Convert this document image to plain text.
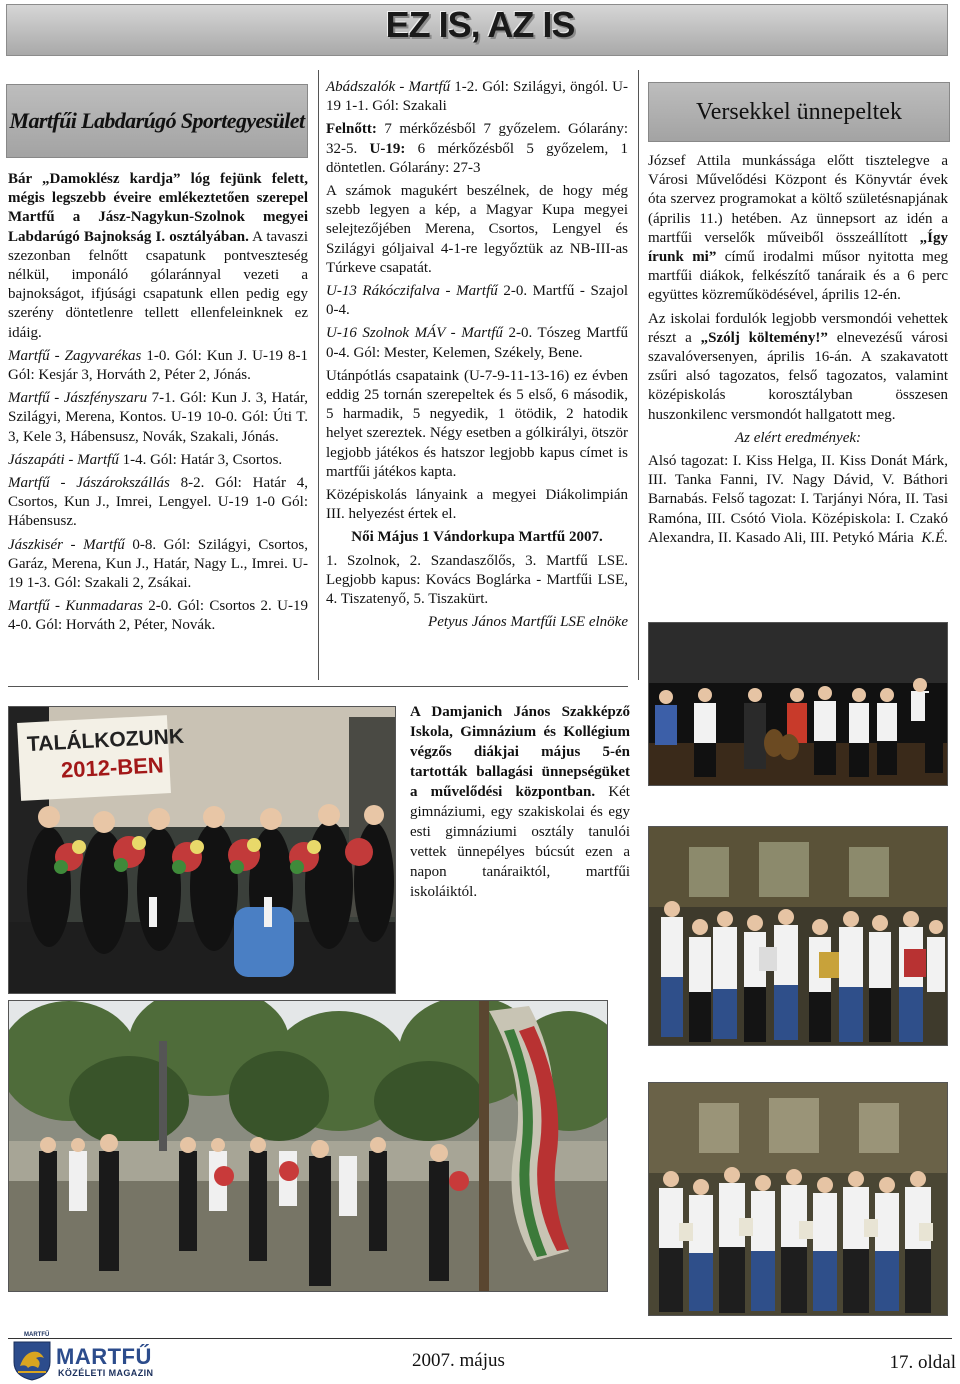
EZ IS, AZ IS
Martfűi Labdarúgó Sportegyesület

Bár „Damoklész kardja” lóg fejünk felett, mégis legszebb éveire emlékeztetően szerepel Martfű a Jász-Nagykun-Szolnok megyei Labdarúgó Bajnokság I. osztályában. A tavaszi szezonban felnőtt csapatunk pontveszteség nélkül, imponáló gólaránnyal vezeti a bajnokságot, ifjúsági csapatunk ellen pedig egy szerény döntetlenre tellett ellenfeleinknek ez idáig.

Martfű - Zagyvarékas 1-0. Gól: Kun J. U-19 8-1 Gól: Kesjár 3, Horváth 2, Péter 2, Jónás.

Martfű - Jászfényszaru 7-1. Gól: Kun J. 3, Határ, Szilágyi, Merena, Kontos. U-19 10-0. Gól: Úti T. 3, Kele 3, Hábensusz, Novák, Szakali, Jónás.

Jászapáti - Martfű 1-4. Gól: Határ 3, Csortos.

Martfű - Jászárokszállás 8-2. Gól: Határ 4, Csortos, Kun J., Imrei, Lengyel. U-19 1-0 Gól: Hábensusz.

Jászkisér - Martfű 0-8. Gól: Szilágyi, Csortos, Garáz, Merena, Kun J., Határ, Nagy L., Imrei. U-19 1-3. Gól: Szakali 2, Zsákai.

Martfű - Kunmadaras 2-0. Gól: Csortos 2. U-19 4-0. Gól: Horváth 2, Péter, Novák.

Abádszalók - Martfű 1-2. Gól: Szilágyi, öngól. U-19 1-1. Gól: Szakali

Felnőtt: 7 mérkőzésből 7 győzelem. Gólarány: 32-5. U-19: 6 mérkőzésből 5 győzelem, 1 döntetlen. Gólarány: 27-3

A számok magukért beszélnek, de hogy még szebb legyen a kép, a Magyar Kupa megyei selejtezőjében Merena, Csortos, Lengyel és Szilágyi góljaival 4-1-re legyőztük az NB-III-as Túrkeve csapatát.

U-13 Rákóczifalva - Martfű 2-0. Martfű - Szajol 0-4.

U-16 Szolnok MÁV - Martfű 2-0. Tószeg Martfű 0-4. Gól: Mester, Kelemen, Székely, Bene.

Utánpótlás csapataink (U-7-9-11-13-16) ez évben eddig 25 tornán szerepeltek és 5 első, 6 második, 5 harmadik, 5 negyedik, 1 ötödik, 2 hatodik helyet szereztek. Négy esetben a gólkirályi, ötször legjobb játékos és hatszor legjobb kapus címet is martfűi játékos kapta.

Középiskolás lányaink a megyei Diákolimpián III. helyezést értek el.

Női Május 1 Vándorkupa Martfű 2007.

1. Szolnok, 2. Szandaszőlős, 3. Martfű LSE. Legjobb kapus: Kovács Boglárka - Martfűi LSE, 4. Tiszatenyő, 5. Tiszakürt.

Petyus János Martfűi LSE elnöke

Versekkel ünnepeltek

József Attila munkássága előtt tisztelegve a Városi Művelődési Központ és Könyvtár évek óta szervez programokat a költő születésnapjának (április 11.) hetében. Az ünnepsort az idén a martfűi verselők műveiből összeállított „Így írunk mi” című irodalmi műsor nyitotta meg martfűi diákok, felkészítő tanáraik és a 6 perc együttes közreműködésével, április 12-én.

Az iskolai fordulók legjobb versmondói vehettek részt a „Szólj költemény!” elnevezésű városi szavalóversenyen, április 16-án. A szakavatott zsűri alsó tagozatos, felső tagozatos, valamint középiskolás korosztályban összesen huszonkilenc versmondót hallgatott meg.

Az elért eredmények:

Alsó tagozat: I. Kiss Helga, II. Kiss Donát Márk, III. Tanka Fanni, IV. Nagy Dávid, V. Báthori Barnabás. Felső tagozat: I. Tarjányi Nóra, II. Tasi Ramóna, III. Csótó Viola. Középiskola: I. Czakó Alexandra, II. Kasado Ali, III. Petykó Mária K.É.

A Damjanich János Szakképző Iskola, Gimnázium és Kollégium végzős diákjai május 5-én tartották ballagási ünnepségüket a művelődési központban. Két gimnáziumi, egy szakiskolai és egy esti gimnáziumi osztály tanulói vettek ünnepélyes búcsút ezen a napon tanáraiktól, martfűi iskoláiktól.

TALÁLKOZUNK
2012-BEN
MARTFŰ
MARTFŰ
KÖZÉLETI MAGAZIN
2007. május	17. oldal
